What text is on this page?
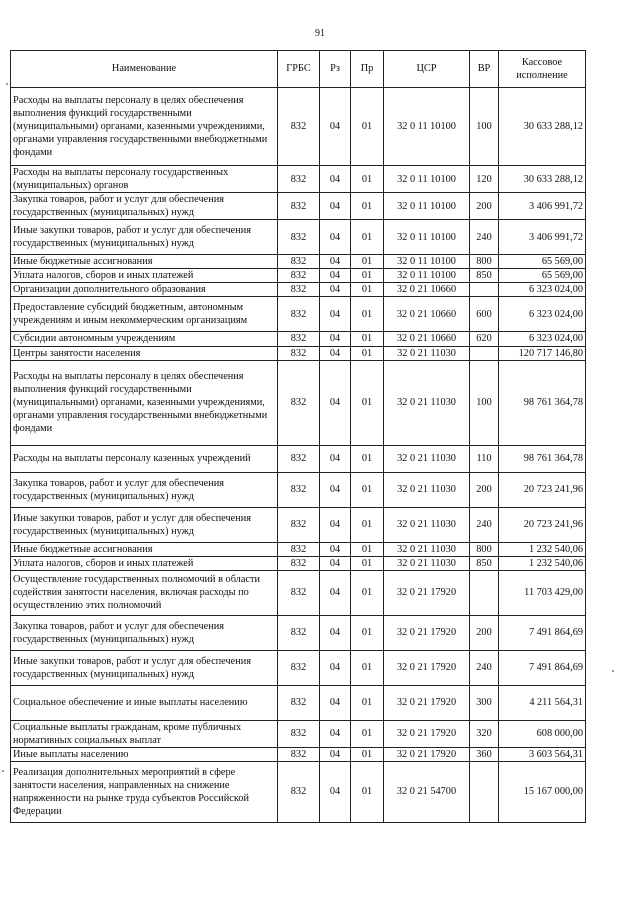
91
Наименование	ГРБС	Рз	Пр	ЦСР	ВР	Кассовое исполнение
Расходы на выплаты персоналу в целях обеспечения выполнения функций государственными (муниципальными) органами, казенными учреждениями, органами управления государственными внебюджетными фондами	832	04	01	32 0 11 10100	100	30 633 288,12
Расходы на выплаты персоналу государственных (муниципальных) органов	832	04	01	32 0 11 10100	120	30 633 288,12
Закупка товаров, работ и услуг для обеспечения государственных (муниципальных) нужд	832	04	01	32 0 11 10100	200	3 406 991,72
Иные закупки товаров, работ и услуг для обеспечения государственных (муниципальных) нужд	832	04	01	32 0 11 10100	240	3 406 991,72
Иные бюджетные ассигнования	832	04	01	32 0 11 10100	800	65 569,00
Уплата налогов, сборов и иных платежей	832	04	01	32 0 11 10100	850	65 569,00
Организации дополнительного образования	832	04	01	32 0 21 10660		6 323 024,00
Предоставление субсидий бюджетным, автономным учреждениям и иным некоммерческим организациям	832	04	01	32 0 21 10660	600	6 323 024,00
Субсидии автономным учреждениям	832	04	01	32 0 21 10660	620	6 323 024,00
Центры занятости населения	832	04	01	32 0 21 11030		120 717 146,80
Расходы на выплаты персоналу в целях обеспечения выполнения функций государственными (муниципальными) органами, казенными учреждениями, органами управления государственными внебюджетными фондами	832	04	01	32 0 21 11030	100	98 761 364,78
Расходы на выплаты персоналу казенных учреждений	832	04	01	32 0 21 11030	110	98 761 364,78
Закупка товаров, работ и услуг для обеспечения государственных (муниципальных) нужд	832	04	01	32 0 21 11030	200	20 723 241,96
Иные закупки товаров, работ и услуг для обеспечения государственных (муниципальных) нужд	832	04	01	32 0 21 11030	240	20 723 241,96
Иные бюджетные ассигнования	832	04	01	32 0 21 11030	800	1 232 540,06
Уплата налогов, сборов и иных платежей	832	04	01	32 0 21 11030	850	1 232 540,06
Осуществление государственных полномочий в области содействия занятости населения, включая расходы по осуществлению этих полномочий	832	04	01	32 0 21 17920		11 703 429,00
Закупка товаров, работ и услуг для обеспечения государственных (муниципальных) нужд	832	04	01	32 0 21 17920	200	7 491 864,69
Иные закупки товаров, работ и услуг для обеспечения государственных (муниципальных) нужд	832	04	01	32 0 21 17920	240	7 491 864,69
Социальное обеспечение и иные выплаты населению	832	04	01	32 0 21 17920	300	4 211 564,31
Социальные выплаты гражданам, кроме публичных нормативных социальных выплат	832	04	01	32 0 21 17920	320	608 000,00
Иные выплаты населению	832	04	01	32 0 21 17920	360	3 603 564,31
Реализация дополнительных мероприятий в сфере занятости населения, направленных на снижение напряженности на рынке труда субъектов Российской Федерации	832	04	01	32 0 21 54700		15 167 000,00
